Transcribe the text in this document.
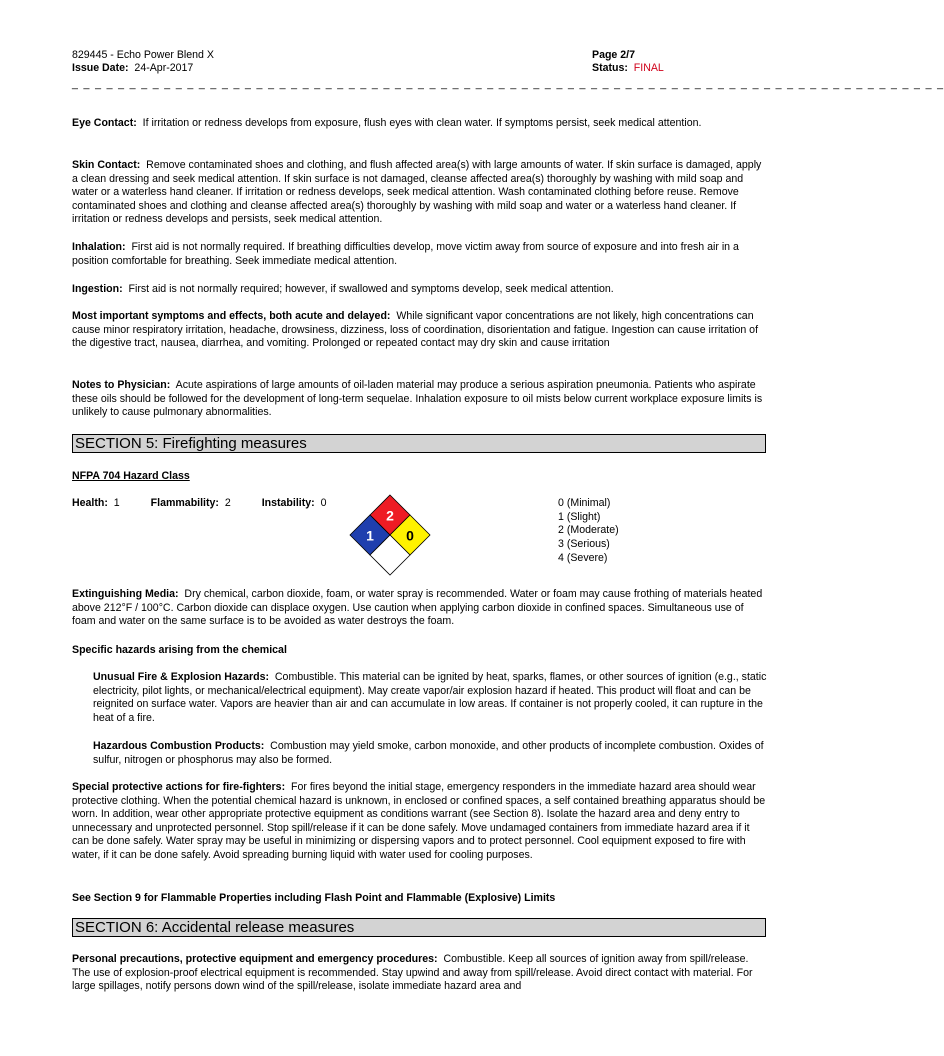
829445 - Echo Power Blend X
Issue Date: 24-Apr-2017
Page 2/7
Status: FINAL
_ _ _ _ _ _ _ _ _ _ _ _ _ _ _ _ _ _ _ _ _ _ _ _ _ _ _ _ _ _ _ _ _ _ _ _ _ _ _ _ _ _ _ _ _ _ _ _ _ _ _ _ _ _ _ _ _ _ _ _ _ _ _ _ _ _ _ _ _ _ _ _ _ _ _ _

Eye Contact: If irritation or redness develops from exposure, flush eyes with clean water. If symptoms persist, seek medical attention.

Skin Contact: Remove contaminated shoes and clothing, and flush affected area(s) with large amounts of water. If skin surface is damaged, apply a clean dressing and seek medical attention. If skin surface is not damaged, cleanse affected area(s) thoroughly by washing with mild soap and water or a waterless hand cleaner. If irritation or redness develops, seek medical attention. Wash contaminated clothing before reuse. Remove contaminated shoes and clothing and cleanse affected area(s) thoroughly by washing with mild soap and water or a waterless hand cleaner. If irritation or redness develops and persists, seek medical attention.

Inhalation: First aid is not normally required. If breathing difficulties develop, move victim away from source of exposure and into fresh air in a position comfortable for breathing. Seek immediate medical attention.

Ingestion: First aid is not normally required; however, if swallowed and symptoms develop, seek medical attention.

Most important symptoms and effects, both acute and delayed: While significant vapor concentrations are not likely, high concentrations can cause minor respiratory irritation, headache, drowsiness, dizziness, loss of coordination, disorientation and fatigue. Ingestion can cause irritation of the digestive tract, nausea, diarrhea, and vomiting. Prolonged or repeated contact may dry skin and cause irritation

Notes to Physician: Acute aspirations of large amounts of oil-laden material may produce a serious aspiration pneumonia. Patients who aspirate these oils should be followed for the development of long-term sequelae. Inhalation exposure to oil mists below current workplace exposure limits is unlikely to cause pulmonary abnormalities.

SECTION 5: Firefighting measures
NFPA 704 Hazard Class
Health: 1	Flammability: 2	Instability: 0
2
1 0
0 (Minimal)
1 (Slight)
2 (Moderate)
3 (Serious)
4 (Severe)

Extinguishing Media: Dry chemical, carbon dioxide, foam, or water spray is recommended. Water or foam may cause frothing of materials heated above 212°F / 100°C. Carbon dioxide can displace oxygen. Use caution when applying carbon dioxide in confined spaces. Simultaneous use of foam and water on the same surface is to be avoided as water destroys the foam.

Specific hazards arising from the chemical

Unusual Fire & Explosion Hazards: Combustible. This material can be ignited by heat, sparks, flames, or other sources of ignition (e.g., static electricity, pilot lights, or mechanical/electrical equipment). May create vapor/air explosion hazard if heated. This product will float and can be reignited on surface water. Vapors are heavier than air and can accumulate in low areas. If container is not properly cooled, it can rupture in the heat of a fire.

Hazardous Combustion Products: Combustion may yield smoke, carbon monoxide, and other products of incomplete combustion. Oxides of sulfur, nitrogen or phosphorus may also be formed.

Special protective actions for fire-fighters: For fires beyond the initial stage, emergency responders in the immediate hazard area should wear protective clothing. When the potential chemical hazard is unknown, in enclosed or confined spaces, a self contained breathing apparatus should be worn. In addition, wear other appropriate protective equipment as conditions warrant (see Section 8). Isolate the hazard area and deny entry to unnecessary and unprotected personnel. Stop spill/release if it can be done safely. Move undamaged containers from immediate hazard area if it can be done safely. Water spray may be useful in minimizing or dispersing vapors and to protect personnel. Cool equipment exposed to fire with water, if it can be done safely. Avoid spreading burning liquid with water used for cooling purposes.

See Section 9 for Flammable Properties including Flash Point and Flammable (Explosive) Limits

SECTION 6: Accidental release measures

Personal precautions, protective equipment and emergency procedures: Combustible. Keep all sources of ignition away from spill/release. The use of explosion-proof electrical equipment is recommended. Stay upwind and away from spill/release. Avoid direct contact with material. For large spillages, notify persons down wind of the spill/release, isolate immediate hazard area and
